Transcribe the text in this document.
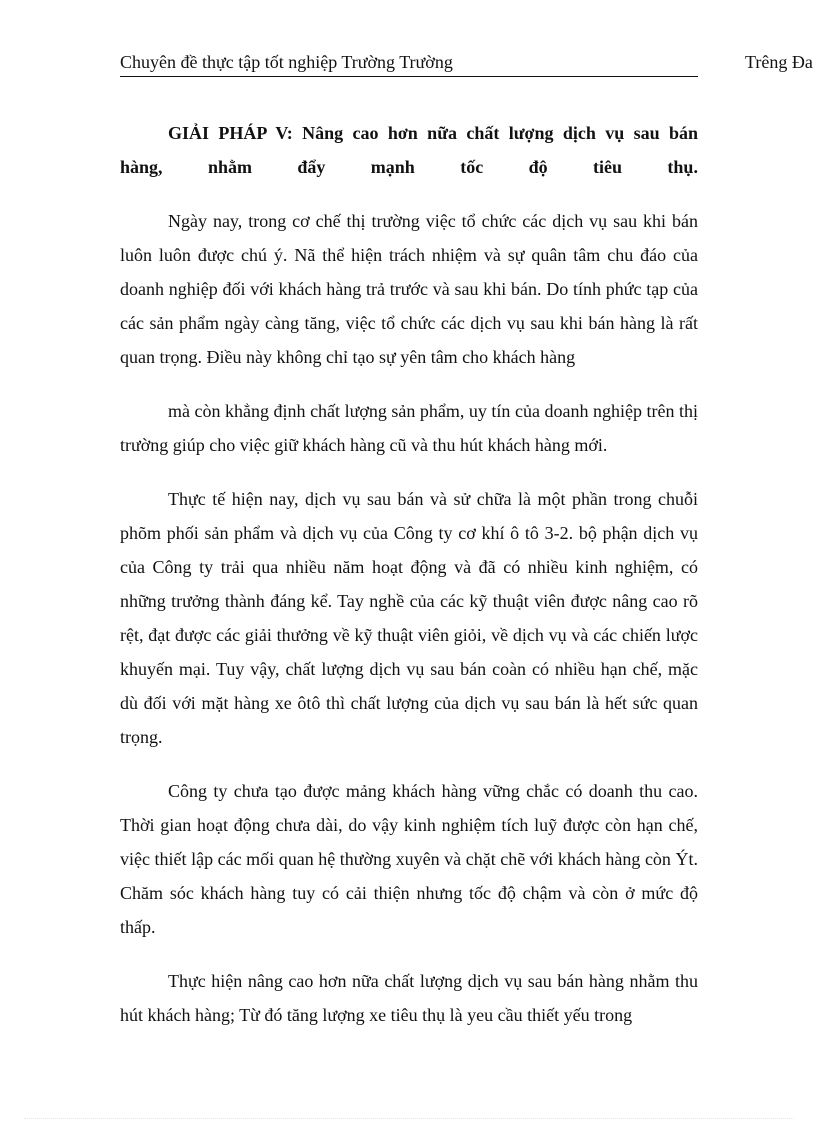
Chuyên đề thực tập tốt nghiệp Trường Trường	Trêng Đa

GIẢI PHÁP V: Nâng cao hơn nữa chất lượng dịch vụ sau bán

hàng,	nhằm	đẩy	mạnh	tốc	độ	tiêu	thụ.

Ngày nay, trong cơ chế thị trường việc tổ chức các dịch vụ sau khi bán luôn luôn được chú ý. Nã thể hiện trách nhiệm và sự quân tâm chu đáo của doanh nghiệp đối với khách hàng trả trước và sau khi bán. Do tính phức tạp của các sản phẩm ngày càng tăng, việc tổ chức các dịch vụ sau khi bán hàng là rất quan trọng. Điều này không chỉ tạo sự yên tâm cho khách hàng

mà còn khẳng định chất lượng sản phẩm, uy tín của doanh nghiệp trên thị trường giúp cho việc giữ khách hàng cũ và thu hút khách hàng mới.

Thực tế hiện nay, dịch vụ sau bán và sử chữa là một phần trong chuỗi phõm phối sản phẩm và dịch vụ của Công ty cơ khí ô tô 3-2. bộ phận dịch vụ của Công ty trải qua nhiều năm hoạt động và đã có nhiều kinh nghiệm, có những trưởng thành đáng kể. Tay nghề của các kỹ thuật viên được nâng cao rõ rệt, đạt được các giải thưởng về kỹ thuật viên giỏi, về dịch vụ và các chiến lược khuyến mại. Tuy vậy, chất lượng dịch vụ sau bán coàn có nhiều hạn chế, mặc dù đối với mặt hàng xe ôtô thì chất lượng của dịch vụ sau bán là hết sức quan trọng.

Công ty chưa tạo được mảng khách hàng vững chắc có doanh thu cao. Thời gian hoạt động chưa dài, do vậy kinh nghiệm tích luỹ được còn hạn chế, việc thiết lập các mối quan hệ thường xuyên và chặt chẽ với khách hàng còn Ýt. Chăm sóc khách hàng tuy có cải thiện nhưng tốc độ chậm và còn ở mức độ thấp.

Thực hiện nâng cao hơn nữa chất lượng dịch vụ sau bán hàng nhằm thu hút khách hàng; Từ đó tăng lượng xe tiêu thụ là yeu cầu thiết yếu trong
